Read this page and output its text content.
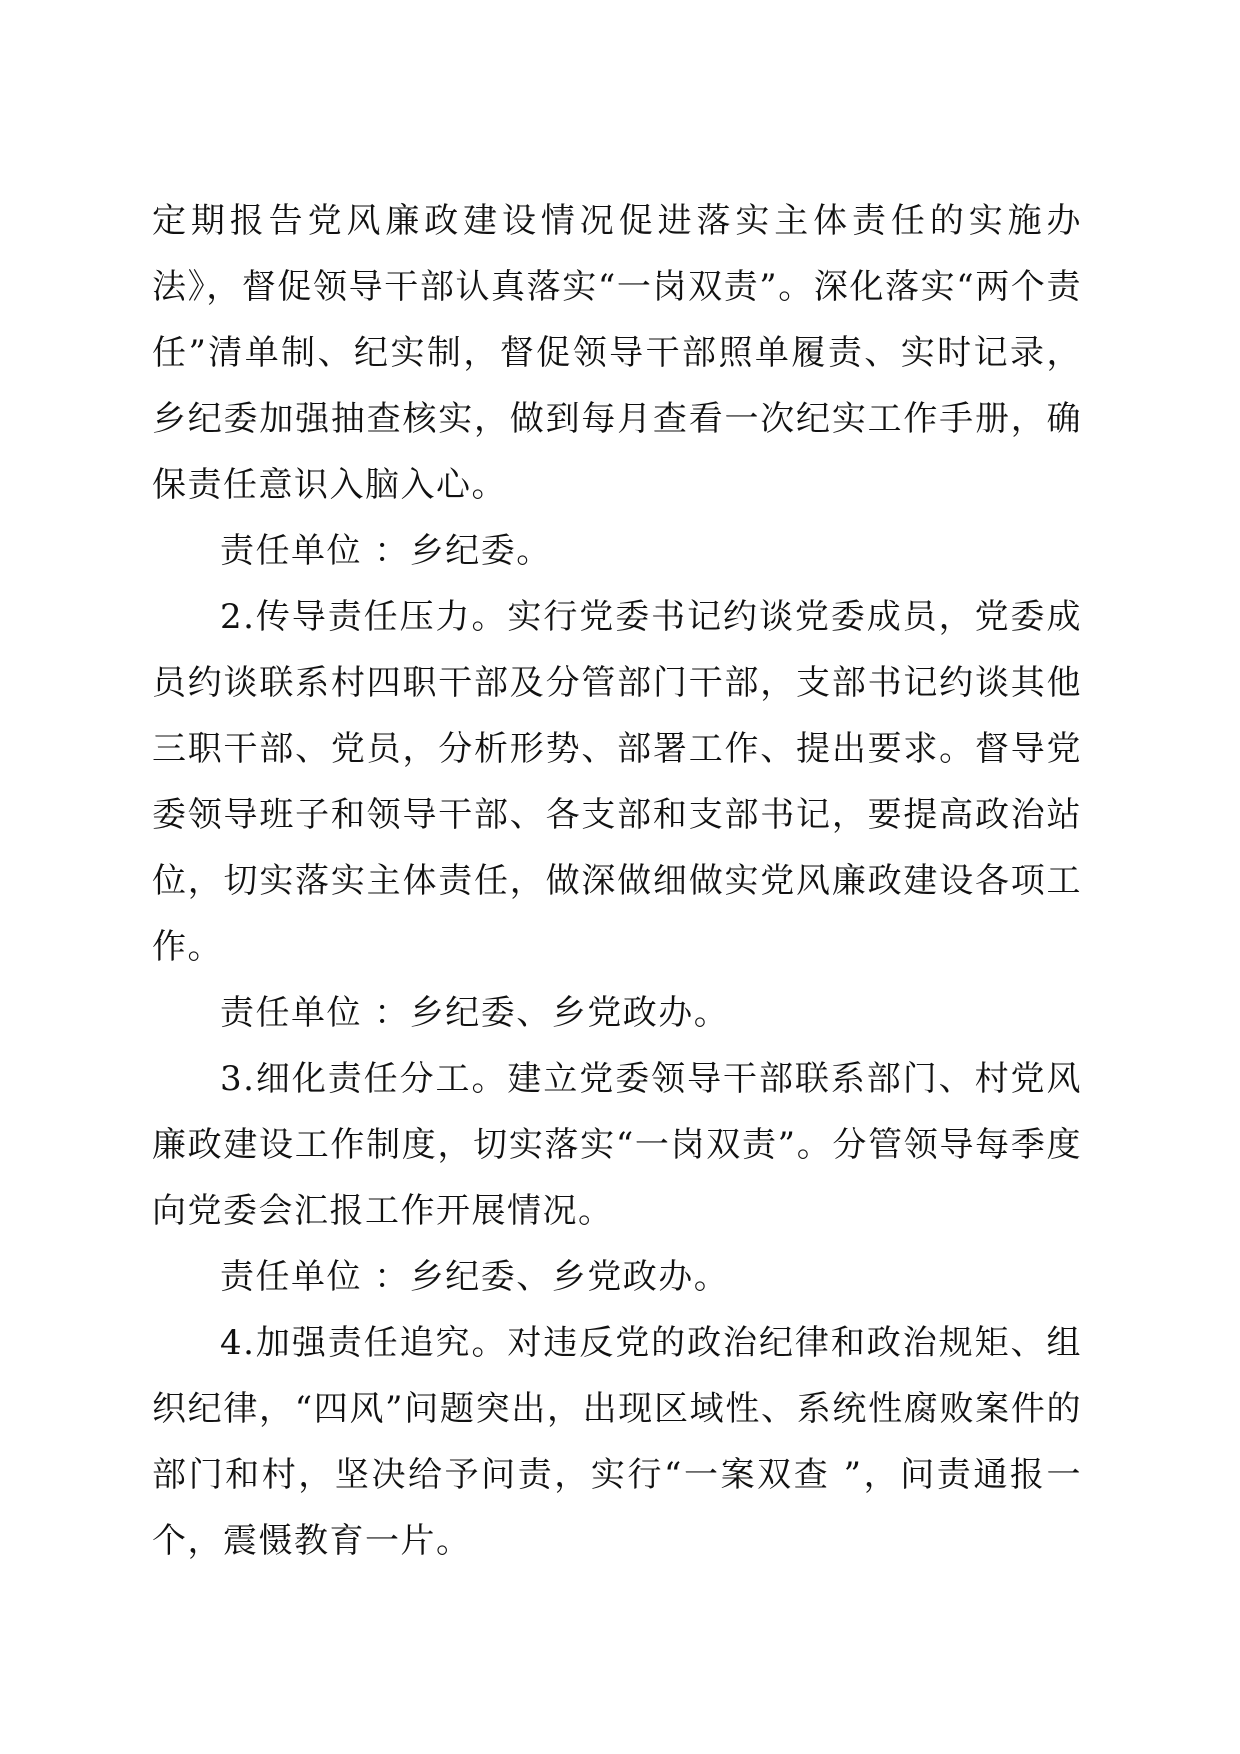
定期报告党风廉政建设情况促进落实主体责任的实施办法》，督促领导干部认真落实“一岗双责”。深化落实“两个责任”清单制、纪实制，督促领导干部照单履责、实时记录，乡纪委加强抽查核实，做到每月查看一次纪实工作手册，确保责任意识入脑入心。

责任单位 ：乡纪委。

2.传导责任压力。实行党委书记约谈党委成员，党委成员约谈联系村四职干部及分管部门干部，支部书记约谈其他三职干部、党员，分析形势、部署工作、提出要求。督导党委领导班子和领导干部、各支部和支部书记，要提高政治站位，切实落实主体责任，做深做细做实党风廉政建设各项工作。

责任单位 ：乡纪委、乡党政办。

3.细化责任分工。建立党委领导干部联系部门、村党风廉政建设工作制度，切实落实“一岗双责”。分管领导每季度向党委会汇报工作开展情况。

责任单位 ：乡纪委、乡党政办。

4.加强责任追究。对违反党的政治纪律和政治规矩、组织纪律，“四风”问题突出，出现区域性、系统性腐败案件的部门和村，坚决给予问责，实行“一案双查 ”，问责通报一个，震慑教育一片。
